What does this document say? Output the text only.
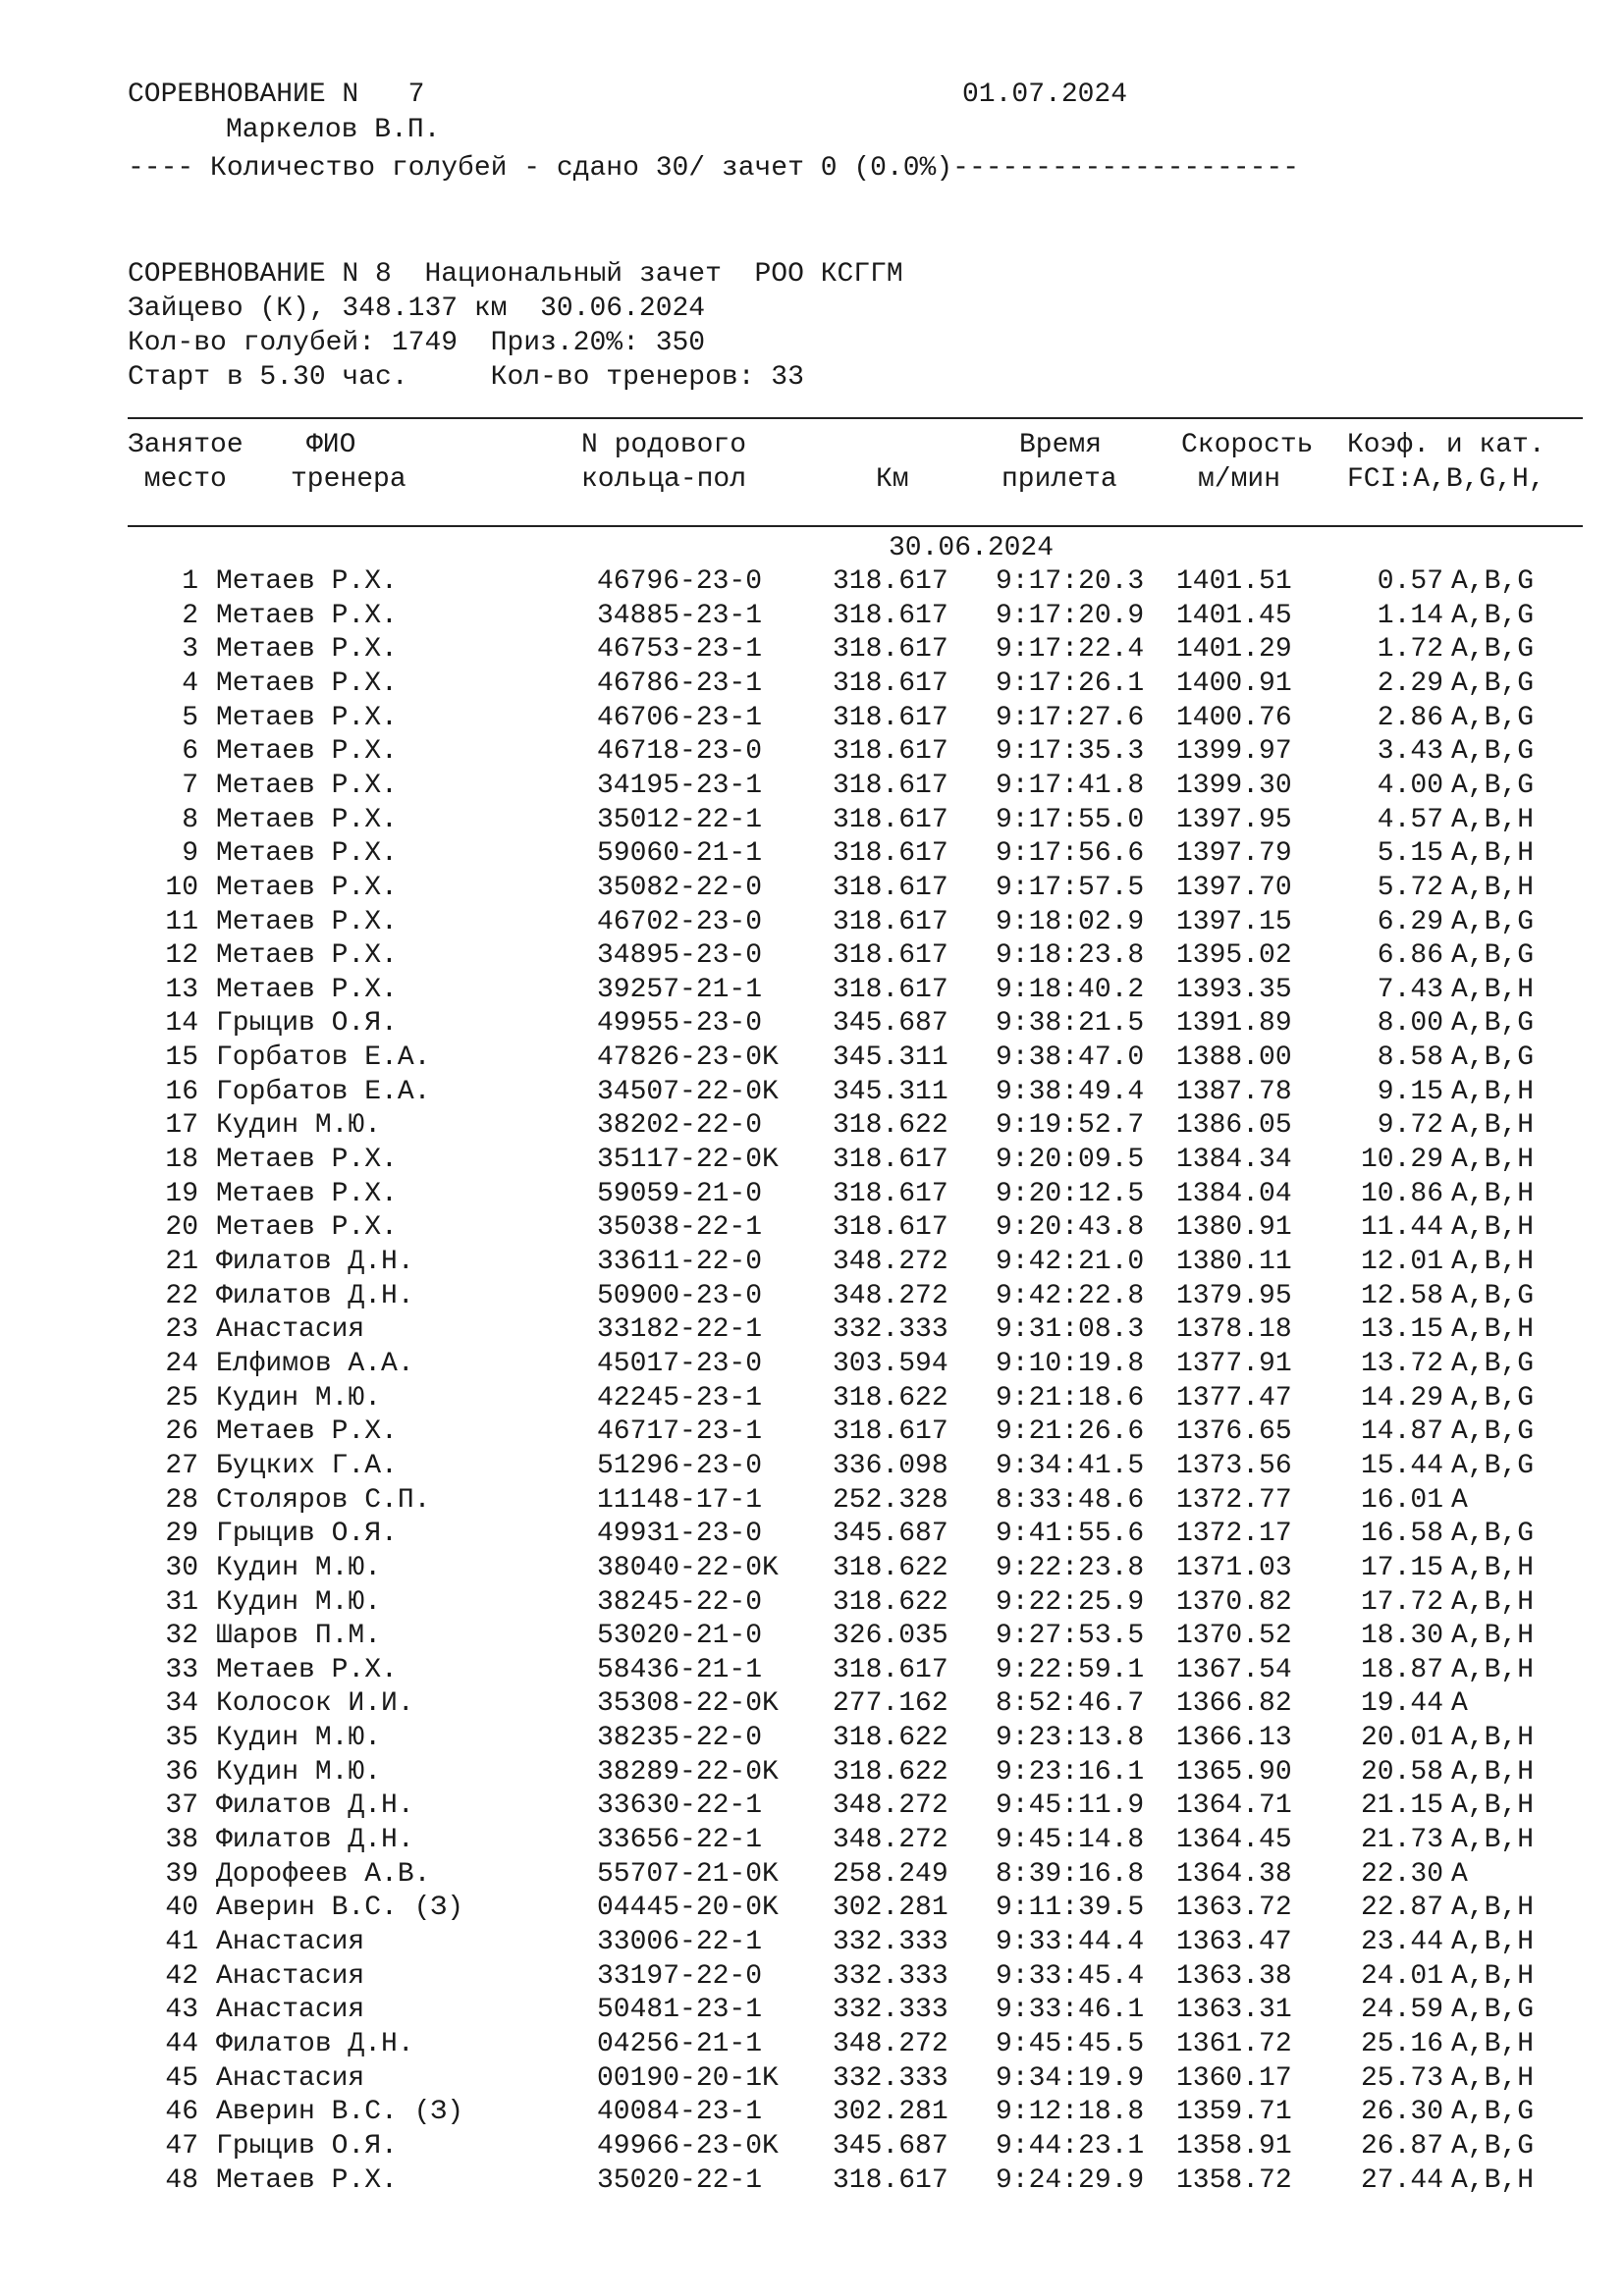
СОРЕВНОВАНИЕ N   7	01.07.2024
Маркелов В.П.
---- Количество голубей - сдано 30/ зачет 0 (0.0%)---------------------
СОРЕВНОВАНИЕ N 8  Национальный зачет  РОО КСГГМ
Зайцево (К), 348.137 км  30.06.2024
Кол-во голубей: 1749  Приз.20%: 350
Старт в 5.30 час.     Кол-во тренеров: 33
Занятое
место
ФИО
тренера
N родового
кольца-пол	Км
Время
прилета
Скорость
м/мин
Коэф. и кат.
FCI:A,B,G,H,
30.06.2024
1 Метаев Р.Х.	46796-23-0	318.617 9:17:20.3 1401.51	0.57 A,B,G
2 Метаев Р.Х.	34885-23-1	318.617 9:17:20.9 1401.45	1.14 A,B,G
3 Метаев Р.Х.	46753-23-1	318.617 9:17:22.4 1401.29	1.72 A,B,G
4 Метаев Р.Х.	46786-23-1	318.617 9:17:26.1 1400.91	2.29 A,B,G
5 Метаев Р.Х.	46706-23-1	318.617 9:17:27.6 1400.76	2.86 A,B,G
6 Метаев Р.Х.	46718-23-0	318.617 9:17:35.3 1399.97	3.43 A,B,G
7 Метаев Р.Х.	34195-23-1	318.617 9:17:41.8 1399.30	4.00 A,B,G
8 Метаев Р.Х.	35012-22-1	318.617 9:17:55.0 1397.95	4.57 A,B,H
9 Метаев Р.Х.	59060-21-1	318.617 9:17:56.6 1397.79	5.15 A,B,H
10 Метаев Р.Х.	35082-22-0	318.617 9:17:57.5 1397.70	5.72 A,B,H
11 Метаев Р.Х.	46702-23-0	318.617 9:18:02.9 1397.15	6.29 A,B,G
12 Метаев Р.Х.	34895-23-0	318.617 9:18:23.8 1395.02	6.86 A,B,G
13 Метаев Р.Х.	39257-21-1	318.617 9:18:40.2 1393.35	7.43 A,B,H
14 Грыцив О.Я.	49955-23-0	345.687 9:38:21.5 1391.89	8.00 A,B,G
15 Горбатов Е.А.	47826-23-0K 345.311 9:38:47.0 1388.00	8.58 A,B,G
16 Горбатов Е.А.	34507-22-0K 345.311 9:38:49.4 1387.78	9.15 A,B,H
17 Кудин М.Ю.	38202-22-0	318.622 9:19:52.7 1386.05	9.72 A,B,H
18 Метаев Р.Х.	35117-22-0K 318.617 9:20:09.5 1384.34	10.29 A,B,H
19 Метаев Р.Х.	59059-21-0	318.617 9:20:12.5 1384.04	10.86 A,B,H
20 Метаев Р.Х.	35038-22-1	318.617 9:20:43.8 1380.91	11.44 A,B,H
21 Филатов Д.Н.	33611-22-0	348.272 9:42:21.0 1380.11	12.01 A,B,H
22 Филатов Д.Н.	50900-23-0	348.272 9:42:22.8 1379.95	12.58 A,B,G
23 Анастасия	33182-22-1	332.333 9:31:08.3 1378.18	13.15 A,B,H
24 Елфимов А.А.	45017-23-0	303.594 9:10:19.8 1377.91	13.72 A,B,G
25 Кудин М.Ю.	42245-23-1	318.622 9:21:18.6 1377.47	14.29 A,B,G
26 Метаев Р.Х.	46717-23-1	318.617 9:21:26.6 1376.65	14.87 A,B,G
27 Буцких Г.А.	51296-23-0	336.098 9:34:41.5 1373.56	15.44 A,B,G
28 Столяров С.П.	11148-17-1	252.328 8:33:48.6 1372.77	16.01 A
29 Грыцив О.Я.	49931-23-0	345.687 9:41:55.6 1372.17	16.58 A,B,G
30 Кудин М.Ю.	38040-22-0K 318.622 9:22:23.8 1371.03	17.15 A,B,H
31 Кудин М.Ю.	38245-22-0	318.622 9:22:25.9 1370.82	17.72 A,B,H
32 Шаров П.М.	53020-21-0	326.035 9:27:53.5 1370.52	18.30 A,B,H
33 Метаев Р.Х.	58436-21-1	318.617 9:22:59.1 1367.54	18.87 A,B,H
34 Колосок И.И.	35308-22-0K 277.162 8:52:46.7 1366.82	19.44 A
35 Кудин М.Ю.	38235-22-0	318.622 9:23:13.8 1366.13	20.01 A,B,H
36 Кудин М.Ю.	38289-22-0K 318.622 9:23:16.1 1365.90	20.58 A,B,H
37 Филатов Д.Н.	33630-22-1	348.272 9:45:11.9 1364.71	21.15 A,B,H
38 Филатов Д.Н.	33656-22-1	348.272 9:45:14.8 1364.45	21.73 A,B,H
39 Дорофеев А.В.	55707-21-0K 258.249 8:39:16.8 1364.38	22.30 A
40 Аверин В.С. (З)	04445-20-0K 302.281 9:11:39.5 1363.72	22.87 A,B,H
41 Анастасия	33006-22-1	332.333 9:33:44.4 1363.47	23.44 A,B,H
42 Анастасия	33197-22-0	332.333 9:33:45.4 1363.38	24.01 A,B,H
43 Анастасия	50481-23-1	332.333 9:33:46.1 1363.31	24.59 A,B,G
44 Филатов Д.Н.	04256-21-1	348.272 9:45:45.5 1361.72	25.16 A,B,H
45 Анастасия	00190-20-1K 332.333 9:34:19.9 1360.17	25.73 A,B,H
46 Аверин В.С. (З)	40084-23-1	302.281 9:12:18.8 1359.71	26.30 A,B,G
47 Грыцив О.Я.	49966-23-0K 345.687 9:44:23.1 1358.91	26.87 A,B,G
48 Метаев Р.Х.	35020-22-1	318.617 9:24:29.9 1358.72	27.44 A,B,H
